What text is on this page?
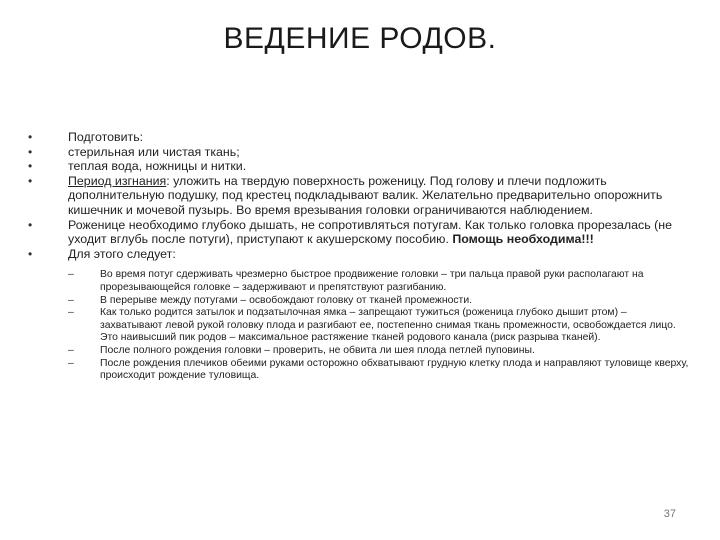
ВЕДЕНИЕ РОДОВ.
• Подготовить:
• стерильная или чистая ткань;
• теплая вода, ножницы и нитки.
• Период изгнания: уложить на твердую поверхность роженицу. Под голову и плечи подложить дополнительную подушку, под крестец подкладывают валик. Желательно предварительно опорожнить кишечник и мочевой пузырь. Во время врезывания головки ограничиваются наблюдением.
• Роженице необходимо глубоко дышать, не сопротивляться потугам. Как только головка прорезалась (не уходит вглубь после потуги), приступают к акушерскому пособию. Помощь необходима!!!
• Для этого следует:
– Во время потуг сдерживать чрезмерно быстрое продвижение головки – три пальца правой руки располагают на прорезывающейся головке – задерживают и препятствуют разгибанию.
– В перерыве между потугами – освобождают головку от тканей промежности.
– Как только родится затылок и подзатылочная ямка – запрещают тужиться (роженица глубоко дышит ртом) – захватывают левой рукой головку плода и разгибают ее, постепенно снимая ткань промежности, освобождается лицо. Это наивысший пик родов – максимальное растяжение тканей родового канала (риск разрыва тканей).
– После полного рождения головки – проверить, не обвита ли шея плода петлей пуповины.
– После рождения плечиков обеими руками осторожно обхватывают грудную клетку плода и направляют туловище кверху, происходит рождение туловища.
37
